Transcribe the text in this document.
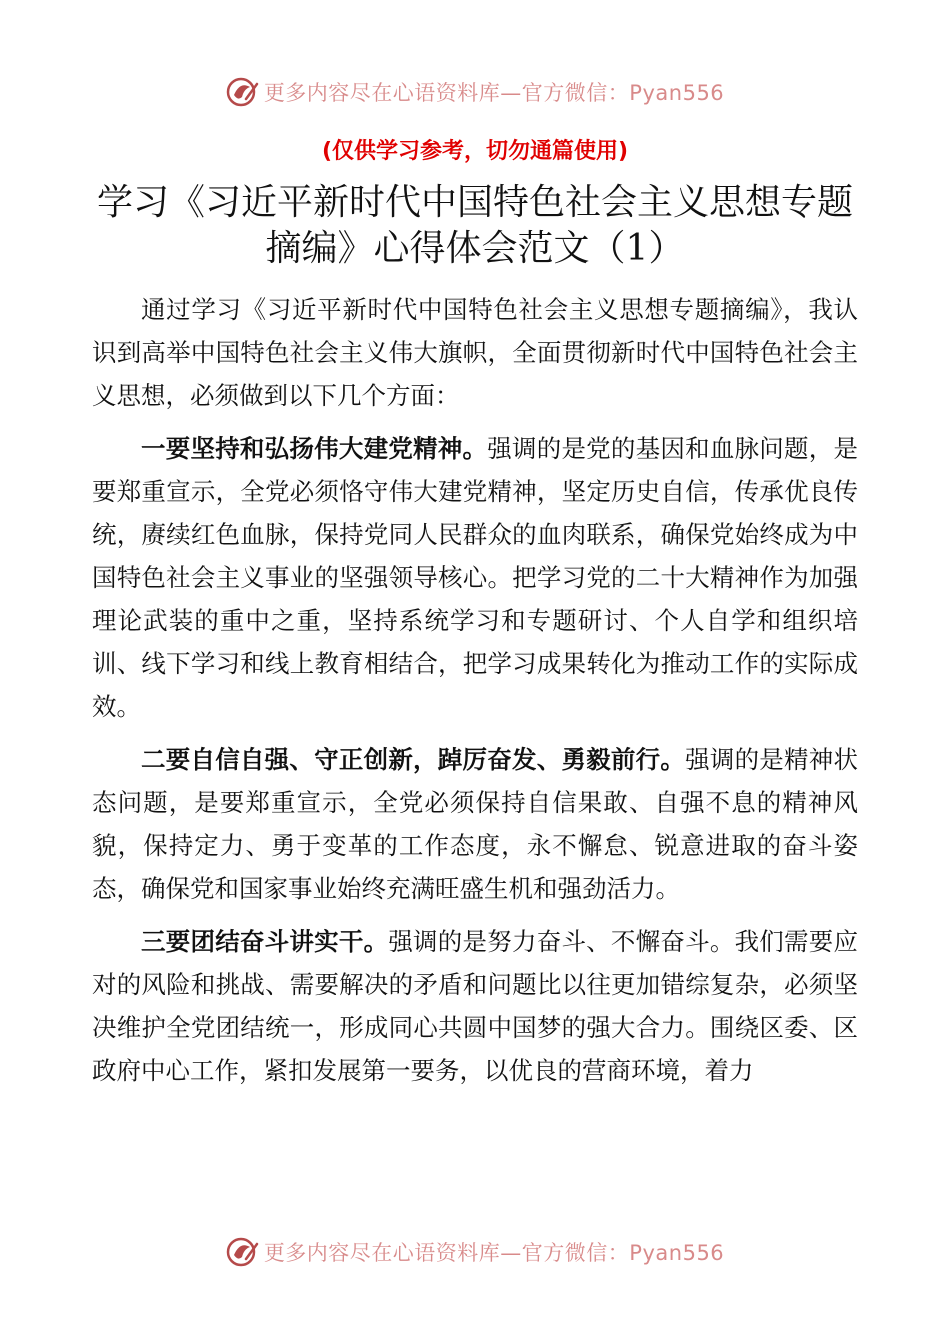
更多内容尽在心语资料库—官方微信：Pyan556
(仅供学习参考，切勿通篇使用)
学习《习近平新时代中国特色社会主义思想专题摘编》心得体会范文（1）

通过学习《习近平新时代中国特色社会主义思想专题摘编》，我认识到高举中国特色社会主义伟大旗帜，全面贯彻新时代中国特色社会主义思想，必须做到以下几个方面：

一要坚持和弘扬伟大建党精神。强调的是党的基因和血脉问题，是要郑重宣示，全党必须恪守伟大建党精神，坚定历史自信，传承优良传统，赓续红色血脉，保持党同人民群众的血肉联系，确保党始终成为中国特色社会主义事业的坚强领导核心。把学习党的二十大精神作为加强理论武装的重中之重，坚持系统学习和专题研讨、个人自学和组织培训、线下学习和线上教育相结合，把学习成果转化为推动工作的实际成效。

二要自信自强、守正创新，踔厉奋发、勇毅前行。强调的是精神状态问题，是要郑重宣示，全党必须保持自信果敢、自强不息的精神风貌，保持定力、勇于变革的工作态度，永不懈怠、锐意进取的奋斗姿态，确保党和国家事业始终充满旺盛生机和强劲活力。

三要团结奋斗讲实干。强调的是努力奋斗、不懈奋斗。我们需要应对的风险和挑战、需要解决的矛盾和问题比以往更加错综复杂，必须坚决维护全党团结统一，形成同心共圆中国梦的强大合力。围绕区委、区政府中心工作，紧扣发展第一要务，以优良的营商环境，着力

更多内容尽在心语资料库—官方微信：Pyan556
